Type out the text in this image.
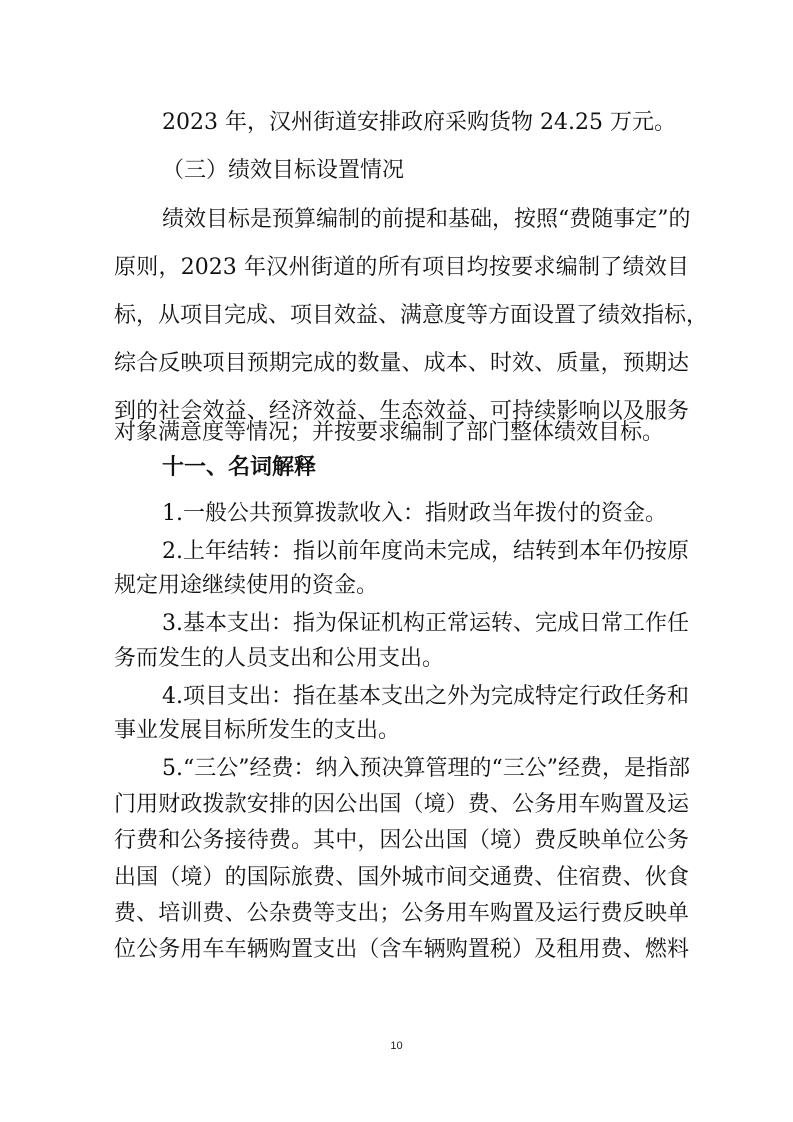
2023 年，汉州街道安排政府采购货物 24.25 万元。
（三）绩效目标设置情况
绩效目标是预算编制的前提和基础，按照“费随事定”的
原则，2023 年汉州街道的所有项目均按要求编制了绩效目
标，从项目完成、项目效益、满意度等方面设置了绩效指标，
综合反映项目预期完成的数量、成本、时效、质量，预期达
到的社会效益、经济效益、生态效益、可持续影响以及服务
对象满意度等情况；并按要求编制了部门整体绩效目标。
十一、名词解释
1.一般公共预算拨款收入：指财政当年拨付的资金。
2.上年结转：指以前年度尚未完成，结转到本年仍按原
规定用途继续使用的资金。
3.基本支出：指为保证机构正常运转、完成日常工作任
务而发生的人员支出和公用支出。
4.项目支出：指在基本支出之外为完成特定行政任务和
事业发展目标所发生的支出。
5.“三公”经费：纳入预决算管理的“三公”经费，是指部
门用财政拨款安排的因公出国（境）费、公务用车购置及运
行费和公务接待费。其中，因公出国（境）费反映单位公务
出国（境）的国际旅费、国外城市间交通费、住宿费、伙食
费、培训费、公杂费等支出；公务用车购置及运行费反映单
位公务用车车辆购置支出（含车辆购置税）及租用费、燃料
10
